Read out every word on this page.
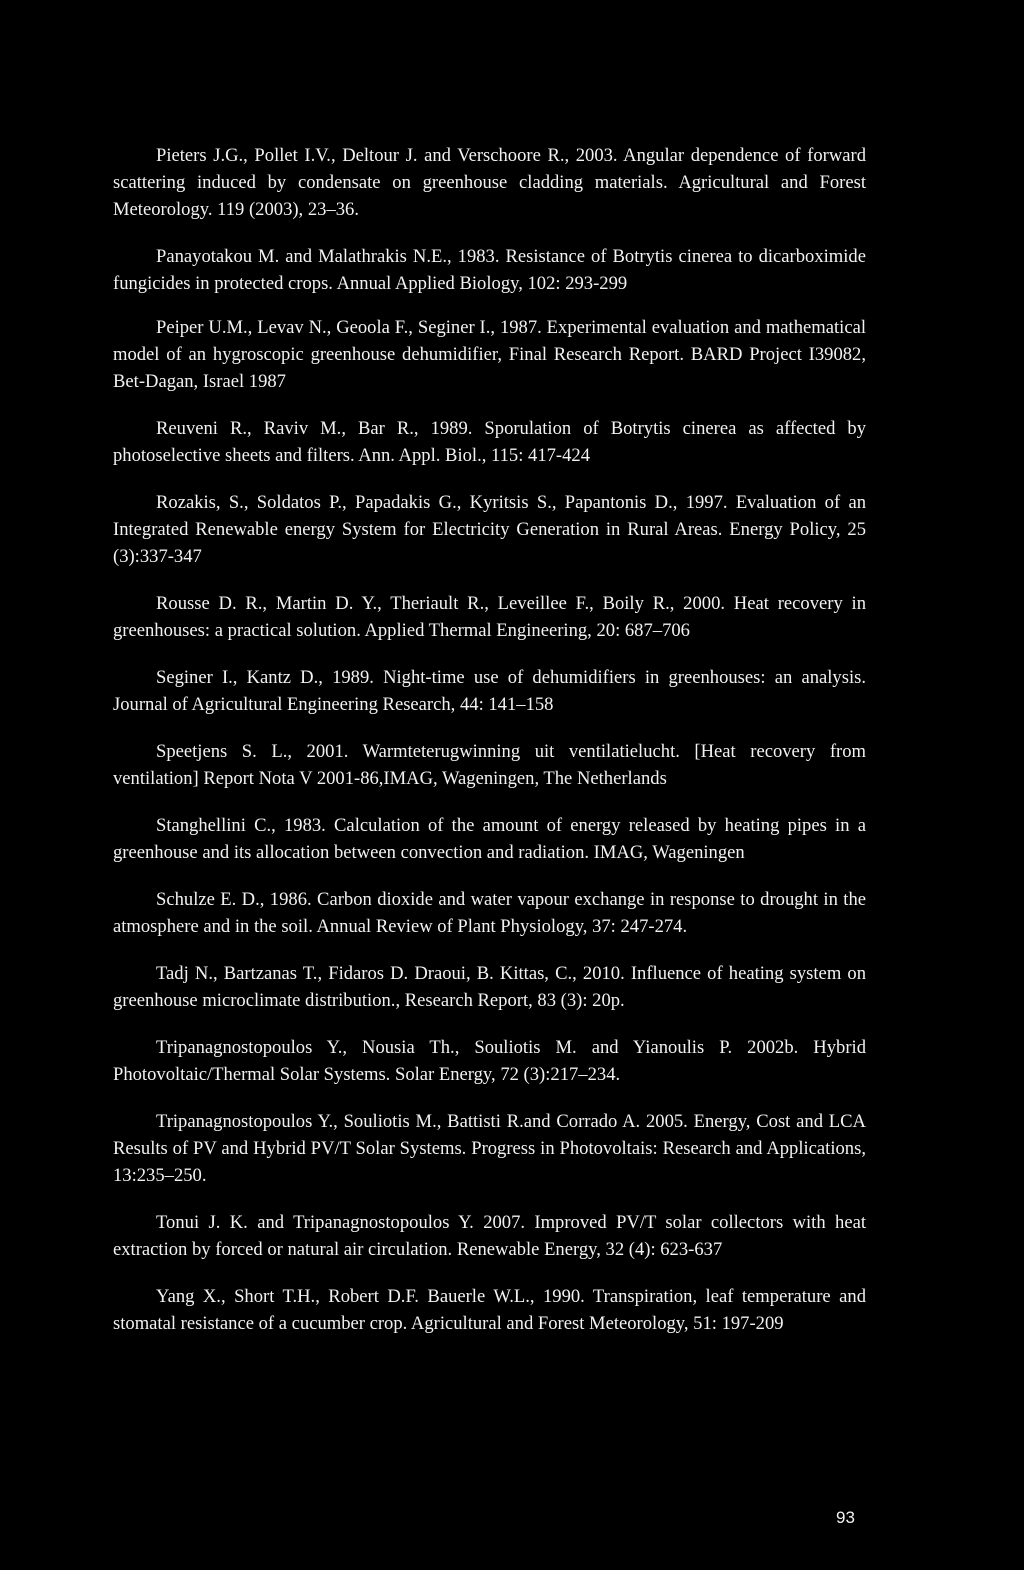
Pieters J.G., Pollet I.V., Deltour J. and Verschoore R., 2003. Angular dependence of forward scattering induced by condensate on greenhouse cladding materials. Agricultural and Forest Meteorology. 119 (2003), 23–36.

Panayotakou M. and Malathrakis N.E., 1983. Resistance of Botrytis cinerea to dicarboximide fungicides in protected crops. Annual Applied Biology, 102: 293-299

Peiper U.M., Levav N., Geoola F., Seginer I., 1987. Experimental evaluation and mathematical model of an hygroscopic greenhouse dehumidifier, Final Research Report. BARD Project I39082, Bet-Dagan, Israel 1987

Reuveni R., Raviv M., Bar R., 1989. Sporulation of Botrytis cinerea as affected by photoselective sheets and filters. Ann. Appl. Biol., 115: 417-424

Rozakis, S., Soldatos P., Papadakis G., Kyritsis S., Papantonis D., 1997. Evaluation of an Integrated Renewable energy System for Electricity Generation in Rural Areas. Energy Policy, 25 (3):337-347

Rousse D. R., Martin D. Y., Theriault R., Leveillee F., Boily R., 2000. Heat recovery in greenhouses: a practical solution. Applied Thermal Engineering, 20: 687–706

Seginer I., Kantz D., 1989. Night-time use of dehumidifiers in greenhouses: an analysis. Journal of Agricultural Engineering Research, 44: 141–158

Speetjens S. L., 2001. Warmteterugwinning uit ventilatielucht. [Heat recovery from ventilation] Report Nota V 2001-86,IMAG, Wageningen, The Netherlands

Stanghellini C., 1983. Calculation of the amount of energy released by heating pipes in a greenhouse and its allocation between convection and radiation. IMAG, Wageningen

Schulze E. D., 1986. Carbon dioxide and water vapour exchange in response to drought in the atmosphere and in the soil. Annual Review of Plant Physiology, 37: 247-274.

Tadj N., Bartzanas T., Fidaros D. Draoui, B. Kittas, C., 2010. Influence of heating system on greenhouse microclimate distribution., Research Report, 83 (3): 20p.

Tripanagnostopoulos Y., Nousia Th., Souliotis M. and Yianoulis P. 2002b. Hybrid Photovoltaic/Thermal Solar Systems. Solar Energy, 72 (3):217–234.

Tripanagnostopoulos Y., Souliotis M., Battisti R.and Corrado A. 2005. Energy, Cost and LCA Results of PV and Hybrid PV/T Solar Systems. Progress in Photovoltais: Research and Applications, 13:235–250.

Tonui J. K. and Tripanagnostopoulos Y. 2007. Improved PV/T solar collectors with heat extraction by forced or natural air circulation. Renewable Energy, 32 (4): 623-637

Yang X., Short T.H., Robert D.F. Bauerle W.L., 1990. Transpiration, leaf temperature and stomatal resistance of a cucumber crop. Agricultural and Forest Meteorology, 51: 197-209

93
